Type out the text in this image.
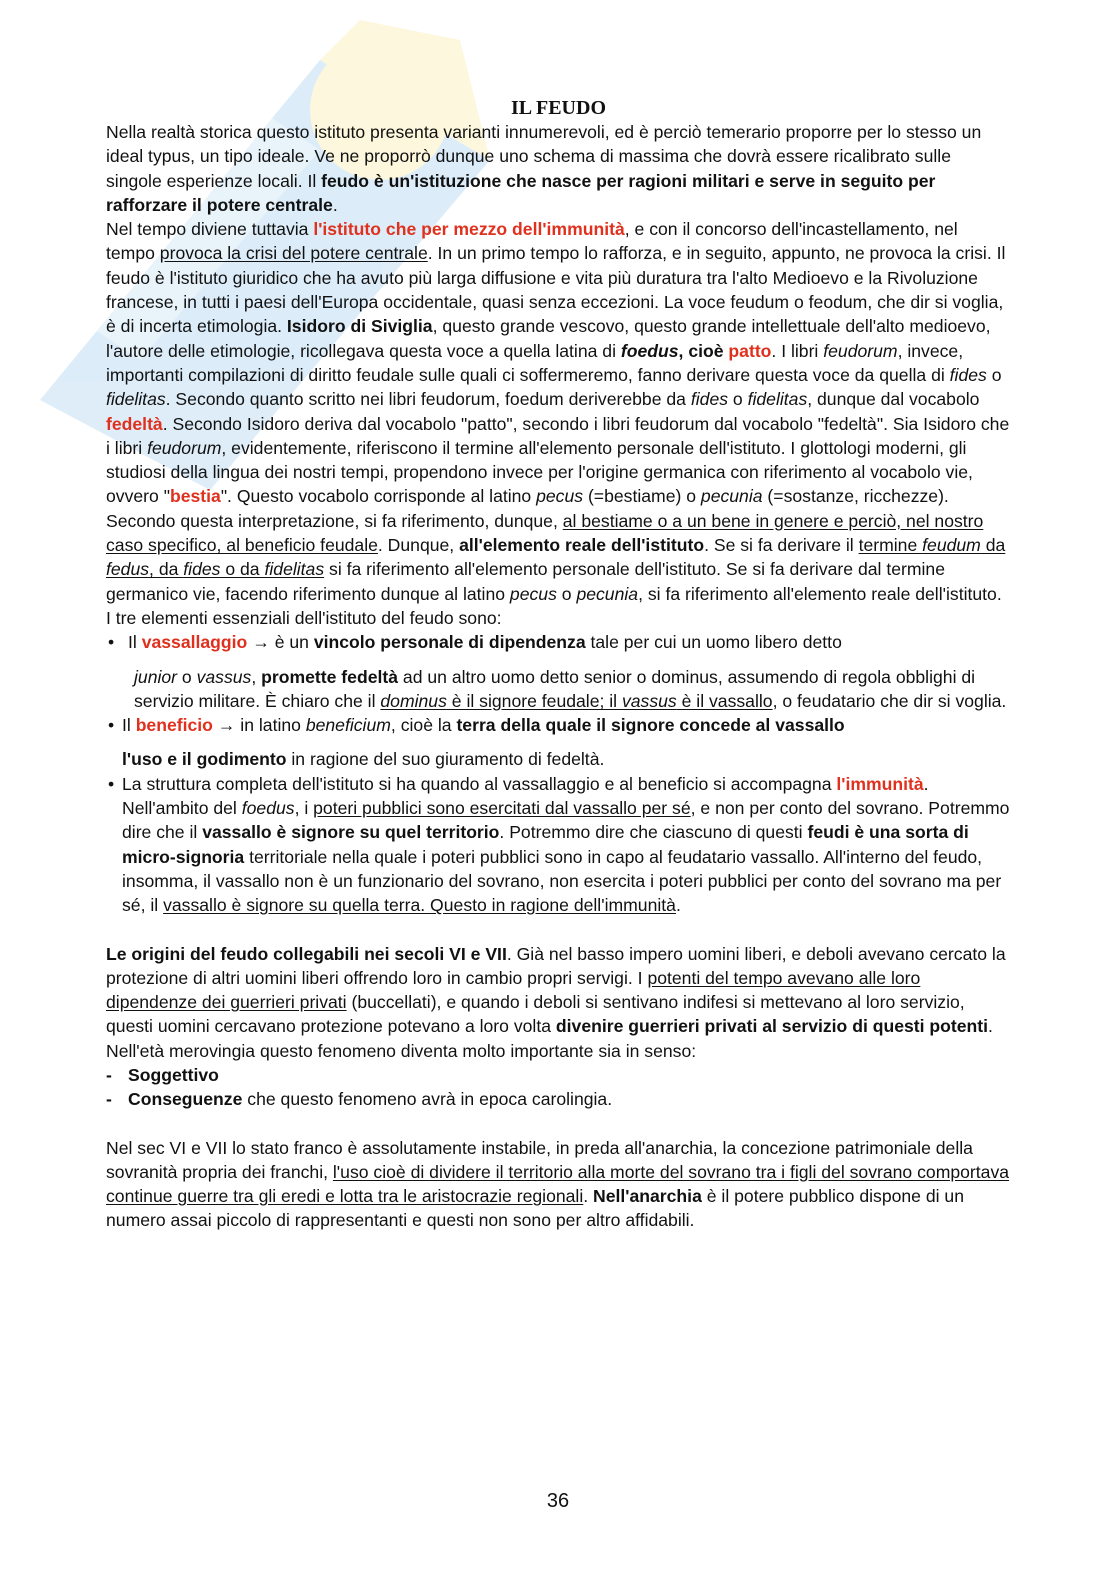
IL FEUDO

Nella realtà storica questo istituto presenta varianti innumerevoli, ed è perciò temerario proporre per lo stesso un ideal typus, un tipo ideale. Ve ne proporrò dunque uno schema di massima che dovrà essere ricalibrato sulle singole esperienze locali. Il feudo è un'istituzione che nasce per ragioni militari e serve in seguito per rafforzare il potere centrale.

Nel tempo diviene tuttavia l'istituto che per mezzo dell'immunità, e con il concorso dell'incastellamento, nel tempo provoca la crisi del potere centrale. In un primo tempo lo rafforza, e in seguito, appunto, ne provoca la crisi. Il feudo è l'istituto giuridico che ha avuto più larga diffusione e vita più duratura tra l'alto Medioevo e la Rivoluzione francese, in tutti i paesi dell'Europa occidentale, quasi senza eccezioni. La voce feudum o feodum, che dir si voglia, è di incerta etimologia. Isidoro di Siviglia, questo grande vescovo, questo grande intellettuale dell'alto medioevo, l'autore delle etimologie, ricollegava questa voce a quella latina di foedus, cioè patto. I libri feudorum, invece, importanti compilazioni di diritto feudale sulle quali ci soffermeremo, fanno derivare questa voce da quella di fides o fidelitas. Secondo quanto scritto nei libri feudorum, foedum deriverebbe da fides o fidelitas, dunque dal vocabolo fedeltà. Secondo Isidoro deriva dal vocabolo "patto", secondo i libri feudorum dal vocabolo "fedeltà". Sia Isidoro che i libri feudorum, evidentemente, riferiscono il termine all'elemento personale dell'istituto. I glottologi moderni, gli studiosi della lingua dei nostri tempi, propendono invece per l'origine germanica con riferimento al vocabolo vie, ovvero "bestia". Questo vocabolo corrisponde al latino pecus (=bestiame) o pecunia (=sostanze, ricchezze).

Secondo questa interpretazione, si fa riferimento, dunque, al bestiame o a un bene in genere e perciò, nel nostro caso specifico, al beneficio feudale. Dunque, all'elemento reale dell'istituto. Se si fa derivare il termine feudum da fedus, da fides o da fidelitas si fa riferimento all'elemento personale dell'istituto. Se si fa derivare dal termine germanico vie, facendo riferimento dunque al latino pecus o pecunia, si fa riferimento all'elemento reale dell'istituto. I tre elementi essenziali dell'istituto del feudo sono:

• Il vassallaggio → è un vincolo personale di dipendenza tale per cui un uomo libero detto
junior o vassus, promette fedeltà ad un altro uomo detto senior o dominus, assumendo di regola obblighi di servizio militare. È chiaro che il dominus è il signore feudale; il vassus è il vassallo, o feudatario che dir si voglia.
• Il beneficio → in latino beneficium, cioè la terra della quale il signore concede al vassallo
l'uso e il godimento in ragione del suo giuramento di fedeltà.
• La struttura completa dell'istituto si ha quando al vassallaggio e al beneficio si accompagna l'immunità. Nell'ambito del foedus, i poteri pubblici sono esercitati dal vassallo per sé, e non per conto del sovrano. Potremmo dire che il vassallo è signore su quel territorio. Potremmo dire che ciascuno di questi feudi è una sorta di micro-signoria territoriale nella quale i poteri pubblici sono in capo al feudatario vassallo. All'interno del feudo, insomma, il vassallo non è un funzionario del sovrano, non esercita i poteri pubblici per conto del sovrano ma per sé, il vassallo è signore su quella terra. Questo in ragione dell'immunità.

Le origini del feudo collegabili nei secoli VI e VII. Già nel basso impero uomini liberi, e deboli avevano cercato la protezione di altri uomini liberi offrendo loro in cambio propri servigi. I potenti del tempo avevano alle loro dipendenze dei guerrieri privati (buccellati), e quando i deboli si sentivano indifesi si mettevano al loro servizio, questi uomini cercavano protezione potevano a loro volta divenire guerrieri privati al servizio di questi potenti. Nell'età merovingia questo fenomeno diventa molto importante sia in senso:

- Soggettivo
- Conseguenze che questo fenomeno avrà in epoca carolingia.

Nel sec VI e VII lo stato franco è assolutamente instabile, in preda all'anarchia, la concezione patrimoniale della sovranità propria dei franchi, l'uso cioè di dividere il territorio alla morte del sovrano tra i figli del sovrano comportava continue guerre tra gli eredi e lotta tra le aristocrazie regionali. Nell'anarchia è il potere pubblico dispone di un numero assai piccolo di rappresentanti e questi non sono per altro affidabili.

36
